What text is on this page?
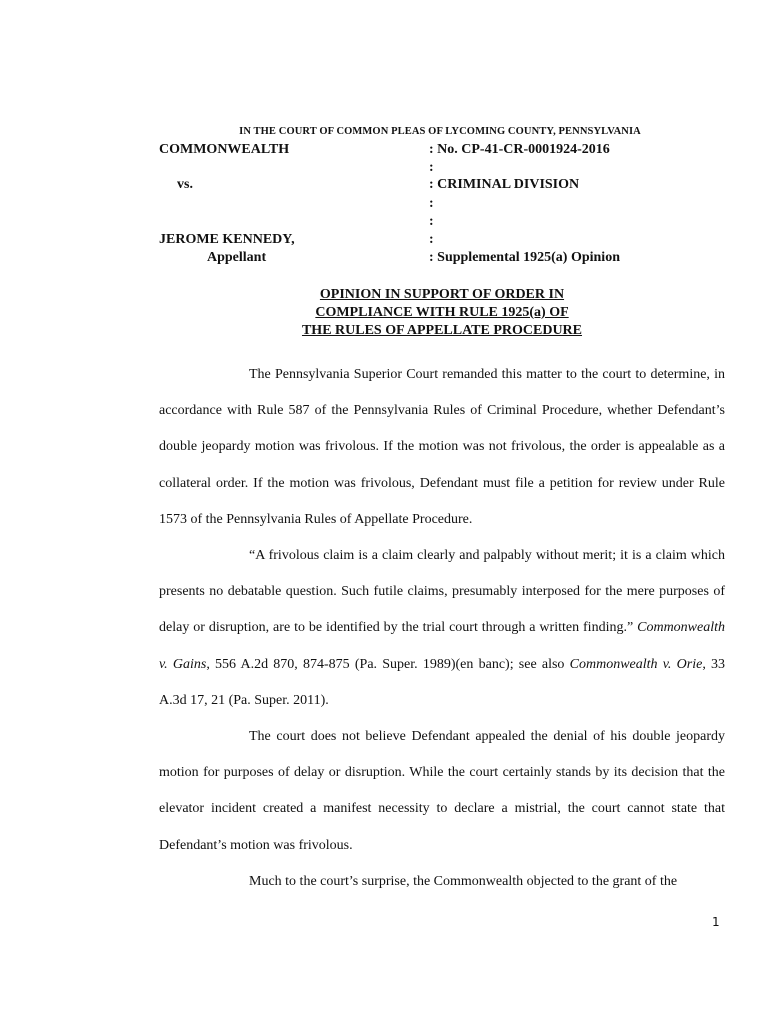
IN THE COURT OF COMMON PLEAS OF LYCOMING COUNTY, PENNSYLVANIA
COMMONWEALTH
vs.
JEROME KENNEDY,
Appellant
: No. CP-41-CR-0001924-2016
:
: CRIMINAL DIVISION
:
:
:
: Supplemental 1925(a) Opinion
OPINION IN SUPPORT OF ORDER IN
COMPLIANCE WITH RULE 1925(a) OF
THE RULES OF APPELLATE PROCEDURE

The Pennsylvania Superior Court remanded this matter to the court to determine, in accordance with Rule 587 of the Pennsylvania Rules of Criminal Procedure, whether Defendant’s double jeopardy motion was frivolous. If the motion was not frivolous, the order is appealable as a collateral order. If the motion was frivolous, Defendant must file a petition for review under Rule 1573 of the Pennsylvania Rules of Appellate Procedure.

“A frivolous claim is a claim clearly and palpably without merit; it is a claim which presents no debatable question. Such futile claims, presumably interposed for the mere purposes of delay or disruption, are to be identified by the trial court through a written finding.” Commonwealth v. Gains, 556 A.2d 870, 874-875 (Pa. Super. 1989)(en banc); see also Commonwealth v. Orie, 33 A.3d 17, 21 (Pa. Super. 2011).

The court does not believe Defendant appealed the denial of his double jeopardy motion for purposes of delay or disruption. While the court certainly stands by its decision that the elevator incident created a manifest necessity to declare a mistrial, the court cannot state that Defendant’s motion was frivolous.

Much to the court’s surprise, the Commonwealth objected to the grant of the

1
